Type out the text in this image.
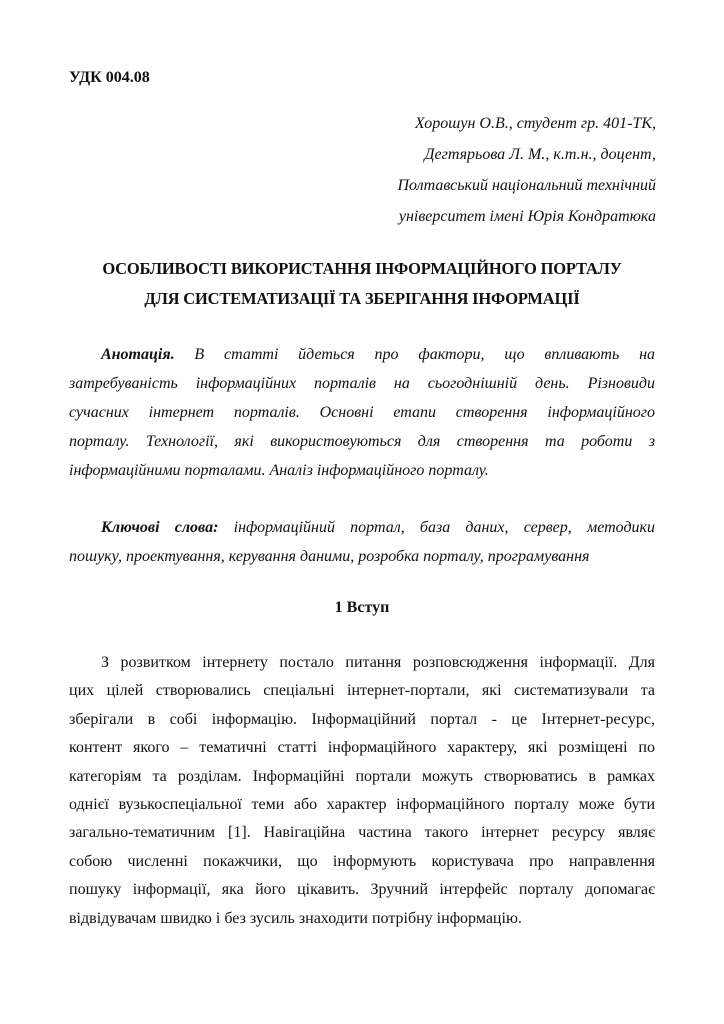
УДК 004.08
Хорошун О.В., студент гр. 401-ТК,
Дегтярьова Л. М., к.т.н., доцент,
Полтавський національний технічний
університет імені Юрія Кондратюка
ОСОБЛИВОСТІ ВИКОРИСТАННЯ ІНФОРМАЦІЙНОГО ПОРТАЛУ
ДЛЯ СИСТЕМАТИЗАЦІЇ ТА ЗБЕРІГАННЯ ІНФОРМАЦІЇ
Анотація. В статті йдеться про фактори, що впливають на
затребуваність інформаційних порталів на сьогоднішній день. Різновиди
сучасних інтернет порталів. Основні етапи створення інформаційного
порталу. Технології, які використовуються для створення та роботи з
інформаційними порталами. Аналіз інформаційного порталу.
Ключові слова: інформаційний портал, база даних, сервер, методики
пошуку, проектування, керування даними, розробка порталу, програмування
1 Вступ
З розвитком інтернету постало питання розповсюдження інформації. Для
цих цілей створювались спеціальні інтернет-портали, які систематизували та
зберігали в собі інформацію. Інформаційний портал - це Інтернет-ресурс,
контент якого – тематичні статті інформаційного характеру, які розміщені по
категоріям та розділам. Інформаційні портали можуть створюватись в рамках
однієї вузькоспеціальної теми або характер інформаційного порталу може бути
загально-тематичним [1]. Навігаційна частина такого інтернет ресурсу являє
собою численні покажчики, що інформують користувача про направлення
пошуку інформації, яка його цікавить. Зручний інтерфейс порталу допомагає
відвідувачам швидко і без зусиль знаходити потрібну інформацію.
